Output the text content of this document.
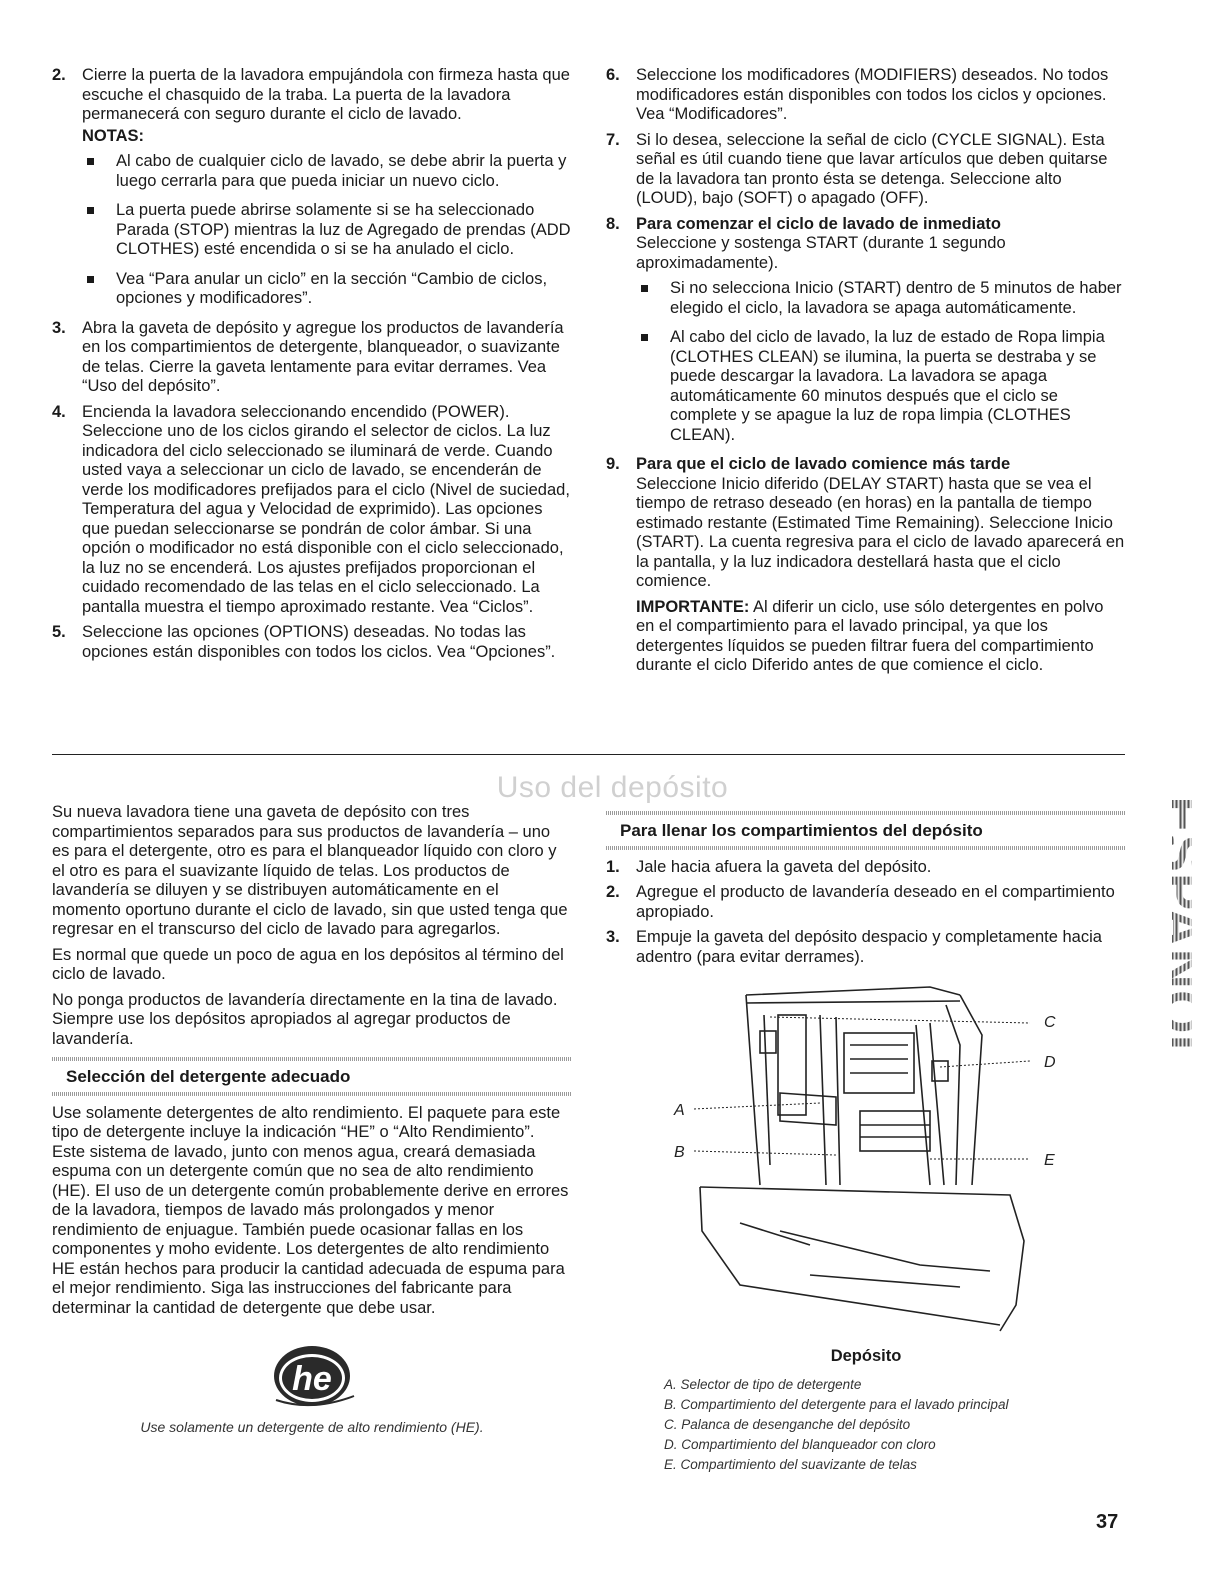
2. Cierre la puerta de la lavadora empujándola con firmeza hasta que escuche el chasquido de la traba. La puerta de la lavadora permanecerá con seguro durante el ciclo de lavado.
NOTAS:
Al cabo de cualquier ciclo de lavado, se debe abrir la puerta y luego cerrarla para que pueda iniciar un nuevo ciclo.
La puerta puede abrirse solamente si se ha seleccionado Parada (STOP) mientras la luz de Agregado de prendas (ADD CLOTHES) esté encendida o si se ha anulado el ciclo.
Vea “Para anular un ciclo” en la sección “Cambio de ciclos, opciones y modificadores”.
3. Abra la gaveta de depósito y agregue los productos de lavandería en los compartimientos de detergente, blanqueador, o suavizante de telas. Cierre la gaveta lentamente para evitar derrames. Vea “Uso del depósito”.

4. Encienda la lavadora seleccionando encendido (POWER). Seleccione uno de los ciclos girando el selector de ciclos. La luz indicadora del ciclo seleccionado se iluminará de verde. Cuando usted vaya a seleccionar un ciclo de lavado, se encenderán de verde los modificadores prefijados para el ciclo (Nivel de suciedad, Temperatura del agua y Velocidad de exprimido). Las opciones que puedan seleccionarse se pondrán de color ámbar. Si una opción o modificador no está disponible con el ciclo seleccionado, la luz no se encenderá. Los ajustes prefijados proporcionan el cuidado recomendado de las telas en el ciclo seleccionado. La pantalla muestra el tiempo aproximado restante. Vea “Ciclos”.

5. Seleccione las opciones (OPTIONS) deseadas. No todas las opciones están disponibles con todos los ciclos. Vea “Opciones”.

6. Seleccione los modificadores (MODIFIERS) deseados. No todos modificadores están disponibles con todos los ciclos y opciones. Vea “Modificadores”.

7. Si lo desea, seleccione la señal de ciclo (CYCLE SIGNAL). Esta señal es útil cuando tiene que lavar artículos que deben quitarse de la lavadora tan pronto ésta se detenga. Seleccione alto (LOUD), bajo (SOFT) o apagado (OFF).

8. Para comenzar el ciclo de lavado de inmediato

Seleccione y sostenga START (durante 1 segundo aproximadamente).

Si no selecciona Inicio (START) dentro de 5 minutos de haber elegido el ciclo, la lavadora se apaga automáticamente.
Al cabo del ciclo de lavado, la luz de estado de Ropa limpia (CLOTHES CLEAN) se ilumina, la puerta se destraba y se puede descargar la lavadora. La lavadora se apaga automáticamente 60 minutos después que el ciclo se complete y se apague la luz de ropa limpia (CLOTHES CLEAN).
9. Para que el ciclo de lavado comience más tarde

Seleccione Inicio diferido (DELAY START) hasta que se vea el tiempo de retraso deseado (en horas) en la pantalla de tiempo estimado restante (Estimated Time Remaining). Seleccione Inicio (START). La cuenta regresiva para el ciclo de lavado aparecerá en la pantalla, y la luz indicadora destellará hasta que el ciclo comience.

IMPORTANTE: Al diferir un ciclo, use sólo detergentes en polvo en el compartimiento para el lavado principal, ya que los detergentes líquidos se pueden filtrar fuera del compartimiento durante el ciclo Diferido antes de que comience el ciclo.

Uso del depósito

Su nueva lavadora tiene una gaveta de depósito con tres compartimientos separados para sus productos de lavandería – uno es para el detergente, otro es para el blanqueador líquido con cloro y el otro es para el suavizante líquido de telas. Los productos de lavandería se diluyen y se distribuyen automáticamente en el momento oportuno durante el ciclo de lavado, sin que usted tenga que regresar en el transcurso del ciclo de lavado para agregarlos.

Es normal que quede un poco de agua en los depósitos al término del ciclo de lavado.

No ponga productos de lavandería directamente en la tina de lavado. Siempre use los depósitos apropiados al agregar productos de lavandería.

Selección del detergente adecuado

Use solamente detergentes de alto rendimiento. El paquete para este tipo de detergente incluye la indicación “HE” o “Alto Rendimiento”. Este sistema de lavado, junto con menos agua, creará demasiada espuma con un detergente común que no sea de alto rendimiento (HE). El uso de un detergente común probablemente derive en errores de la lavadora, tiempos de lavado más prolongados y menor rendimiento de enjuague. También puede ocasionar fallas en los componentes y moho evidente. Los detergentes de alto rendimiento HE están hechos para producir la cantidad adecuada de espuma para el mejor rendimiento. Siga las instrucciones del fabricante para determinar la cantidad de detergente que debe usar.

he
Use solamente un detergente de alto rendimiento (HE).
Para llenar los compartimientos del depósito
1. Jale hacia afuera la gaveta del depósito.

2. Agregue el producto de lavandería deseado en el compartimiento apropiado.

3. Empuje la gaveta del depósito despacio y completamente hacia adentro (para evitar derrames).

C
D
A
B	E
Depósito
A. Selector de tipo de detergente
B. Compartimiento del detergente para el lavado principal
C. Palanca de desenganche del depósito
D. Compartimiento del blanqueador con cloro
E. Compartimiento del suavizante de telas
ESPAÑOL
37
